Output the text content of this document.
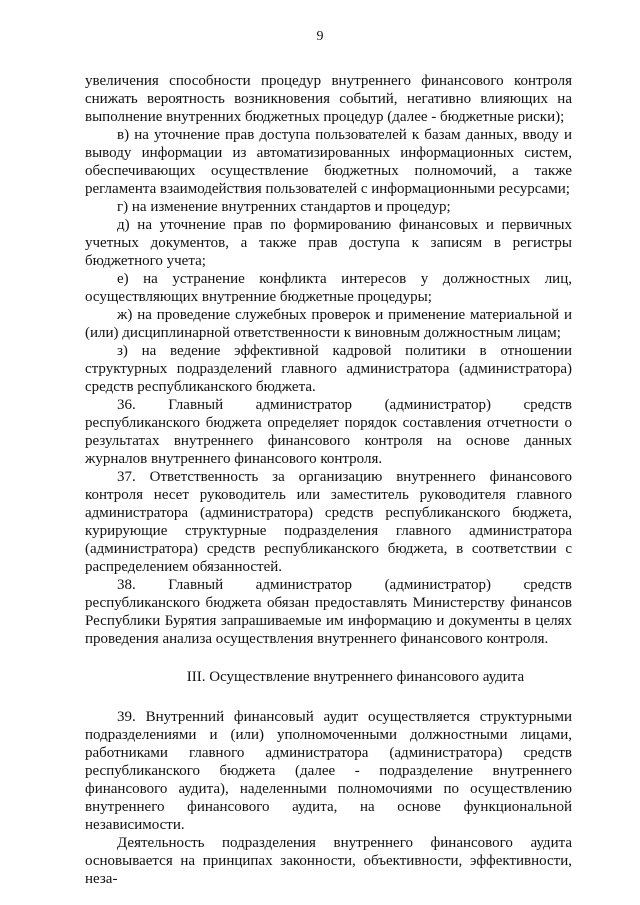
9

увеличения способности процедур внутреннего финансового контроля снижать вероятность возникновения событий, негативно влияющих на выполнение внутренних бюджетных процедур (далее - бюджетные риски);

в) на уточнение прав доступа пользователей к базам данных, вводу и выводу информации из автоматизированных информационных систем, обеспечивающих осуществление бюджетных полномочий, а также регламента взаимодействия пользователей с информационными ресурсами;

г) на изменение внутренних стандартов и процедур;

д) на уточнение прав по формированию финансовых и первичных учетных документов, а также прав доступа к записям в регистры бюджетного учета;

е) на устранение конфликта интересов у должностных лиц, осуществляющих внутренние бюджетные процедуры;

ж) на проведение служебных проверок и применение материальной и (или) дисциплинарной ответственности к виновным должностным лицам;

з) на ведение эффективной кадровой политики в отношении структурных подразделений главного администратора (администратора) средств республиканского бюджета.

36. Главный администратор (администратор) средств республиканского бюджета определяет порядок составления отчетности о результатах внутреннего финансового контроля на основе данных журналов внутреннего финансового контроля.

37. Ответственность за организацию внутреннего финансового контроля несет руководитель или заместитель руководителя главного администратора (администратора) средств республиканского бюджета, курирующие структурные подразделения главного администратора (администратора) средств республиканского бюджета, в соответствии с распределением обязанностей.

38. Главный администратор (администратор) средств республиканского бюджета обязан предоставлять Министерству финансов Республики Бурятия запрашиваемые им информацию и документы в целях проведения анализа осуществления внутреннего финансового контроля.

III. Осуществление внутреннего финансового аудита

39. Внутренний финансовый аудит осуществляется структурными подразделениями и (или) уполномоченными должностными лицами, работниками главного администратора (администратора) средств республиканского бюджета (далее - подразделение внутреннего финансового аудита), наделенными полномочиями по осуществлению внутреннего финансового аудита, на основе функциональной независимости.

Деятельность подразделения внутреннего финансового аудита основывается на принципах законности, объективности, эффективности, неза-
